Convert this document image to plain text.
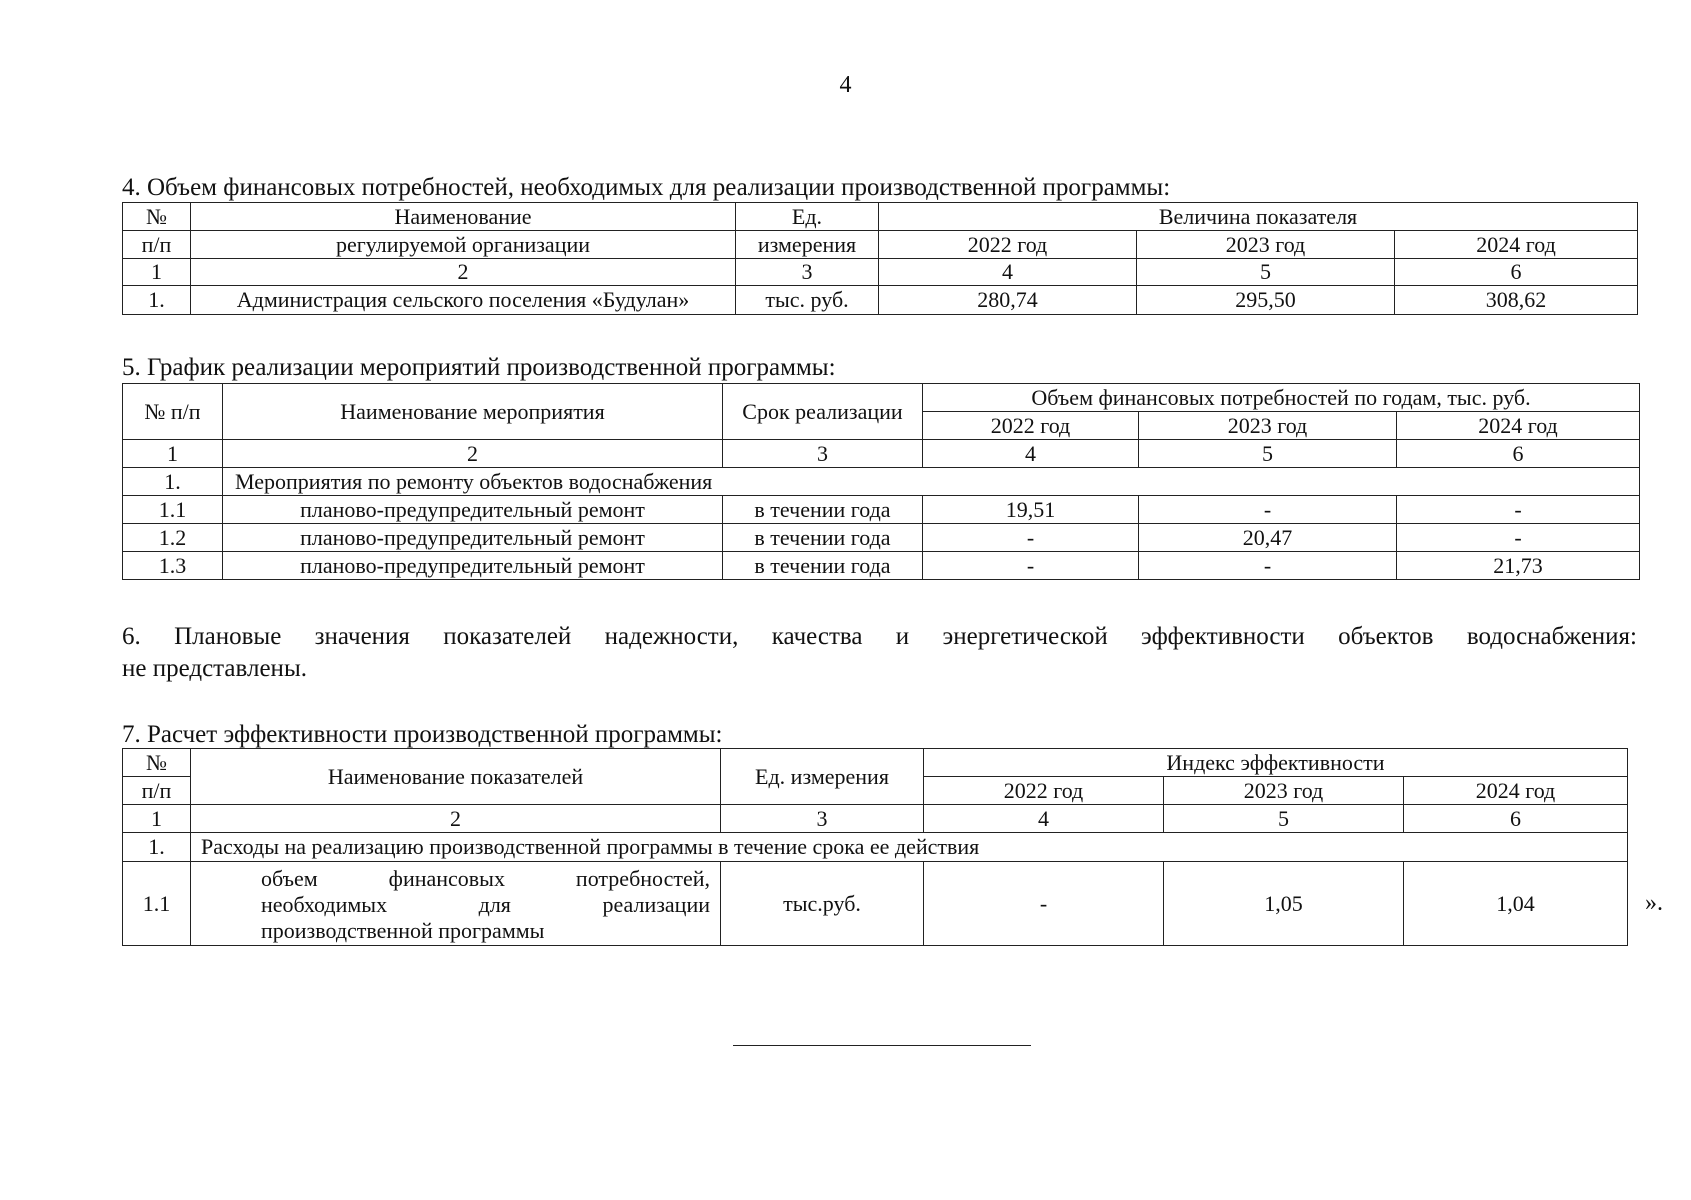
4
4. Объем финансовых потребностей, необходимых для реализации производственной программы:
№	Наименование	Ед.	Величина показателя		
п/п	регулируемой организации	измерения	2022 год	2023 год	2024 год
1	2	3	4	5	6
1.	Администрация сельского поселения «Будулан»	тыс. руб.	280,74	295,50	308,62
5. График реализации мероприятий производственной программы:
№ п/п	Наименование мероприятия	Срок реализации	Объем финансовых потребностей по годам, тыс. руб.		
			2022 год	2023 год	2024 год
1	2	3	4	5	6
1.	Мероприятия по ремонту объектов водоснабжения				
1.1	планово-предупредительный ремонт	в течении года	19,51	-	-
1.2	планово-предупредительный ремонт	в течении года	-	20,47	-
1.3	планово-предупредительный ремонт	в течении года	-	-	21,73
6. Плановые значения показателей надежности, качества и энергетической эффективности объектов водоснабжения:
не представлены.
7. Расчет эффективности производственной программы:
№	Наименование показателей	Ед. измерения	Индекс эффективности		
п/п			2022 год	2023 год	2024 год
1	2	3	4	5	6
1.	Расходы на реализацию производственной программы в течение срока ее действия				
1.1	объем финансовых потребностей, необходимых для реализации производственной программы	тыс.руб.	-	1,05	1,04	».
